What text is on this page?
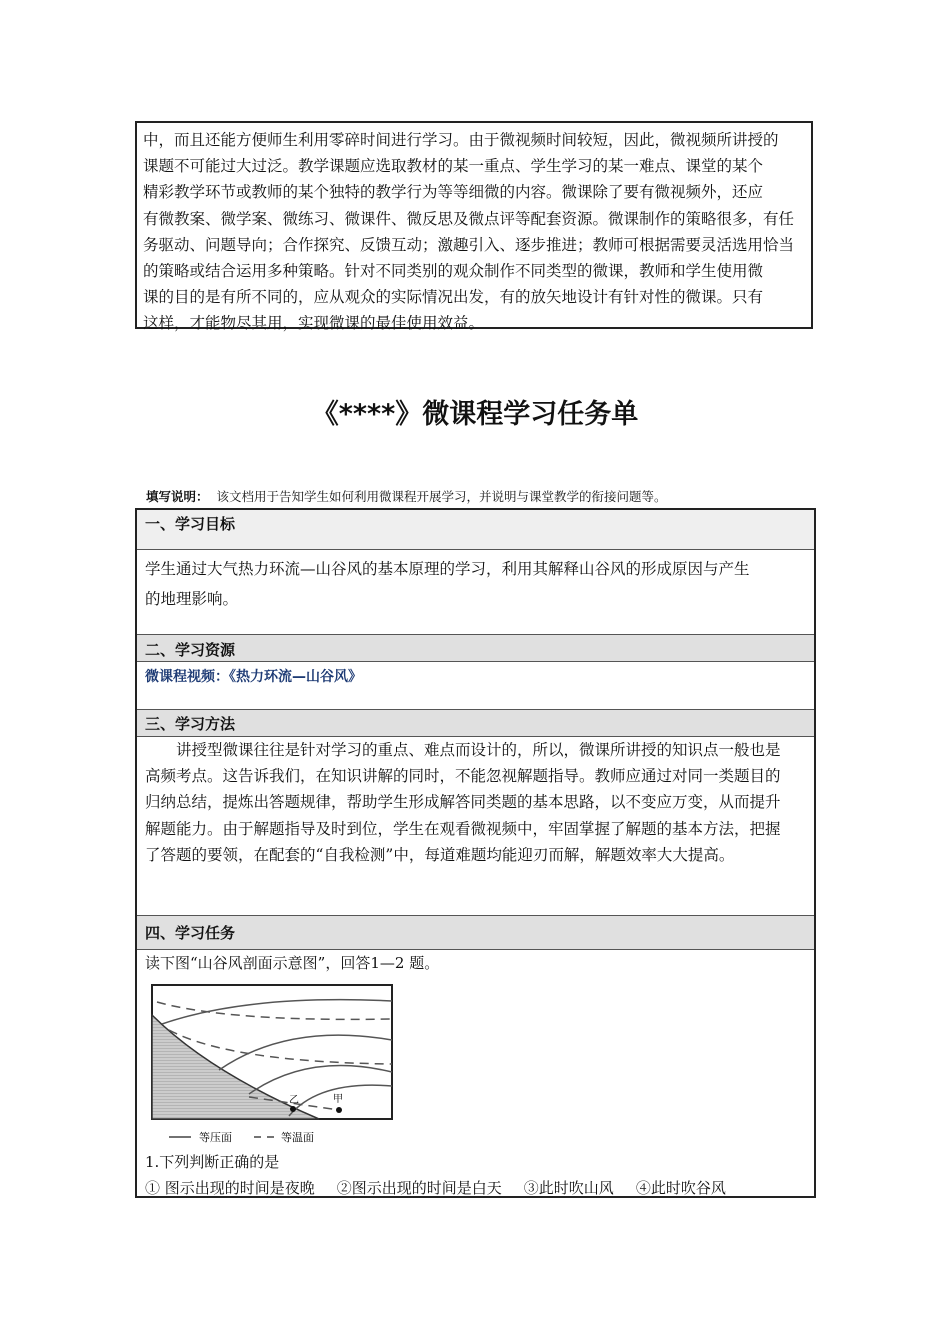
中，而且还能方便师生利用零碎时间进行学习。由于微视频时间较短，因此，微视频所讲授的
课题不可能过大过泛。教学课题应选取教材的某一重点、学生学习的某一难点、课堂的某个
精彩教学环节或教师的某个独特的教学行为等等细微的内容。微课除了要有微视频外，还应
有微教案、微学案、微练习、微课件、微反思及微点评等配套资源。微课制作的策略很多，有任
务驱动、问题导向；合作探究、反馈互动；激趣引入、逐步推进；教师可根据需要灵活选用恰当
的策略或结合运用多种策略。针对不同类别的观众制作不同类型的微课，教师和学生使用微
课的目的是有所不同的，应从观众的实际情况出发，有的放矢地设计有针对性的微课。只有
这样，才能物尽其用，实现微课的最佳使用效益。
《****》微课程学习任务单
填写说明： 该文档用于告知学生如何利用微课程开展学习，并说明与课堂教学的衔接问题等。
一、学习目标
学生通过大气热力环流—山谷风的基本原理的学习，利用其解释山谷风的形成原因与产生
的地理影响。
二、学习资源
微课程视频：《热力环流—山谷风》
三、学习方法
　　讲授型微课往往是针对学习的重点、难点而设计的，所以，微课所讲授的知识点一般也是
高频考点。这告诉我们，在知识讲解的同时，不能忽视解题指导。教师应通过对同一类题目的
归纳总结，提炼出答题规律，帮助学生形成解答同类题的基本思路，以不变应万变，从而提升
解题能力。由于解题指导及时到位，学生在观看微视频中，牢固掌握了解题的基本方法，把握
了答题的要领，在配套的“自我检测”中，每道难题均能迎刃而解，解题效率大大提高。
四、学习任务
读下图“山谷风剖面示意图”，回答1—2 题。
乙	甲
等压面	等温面
1.下列判断正确的是
① 图示出现的时间是夜晚 ②图示出现的时间是白天 ③此时吹山风 ④此时吹谷风
